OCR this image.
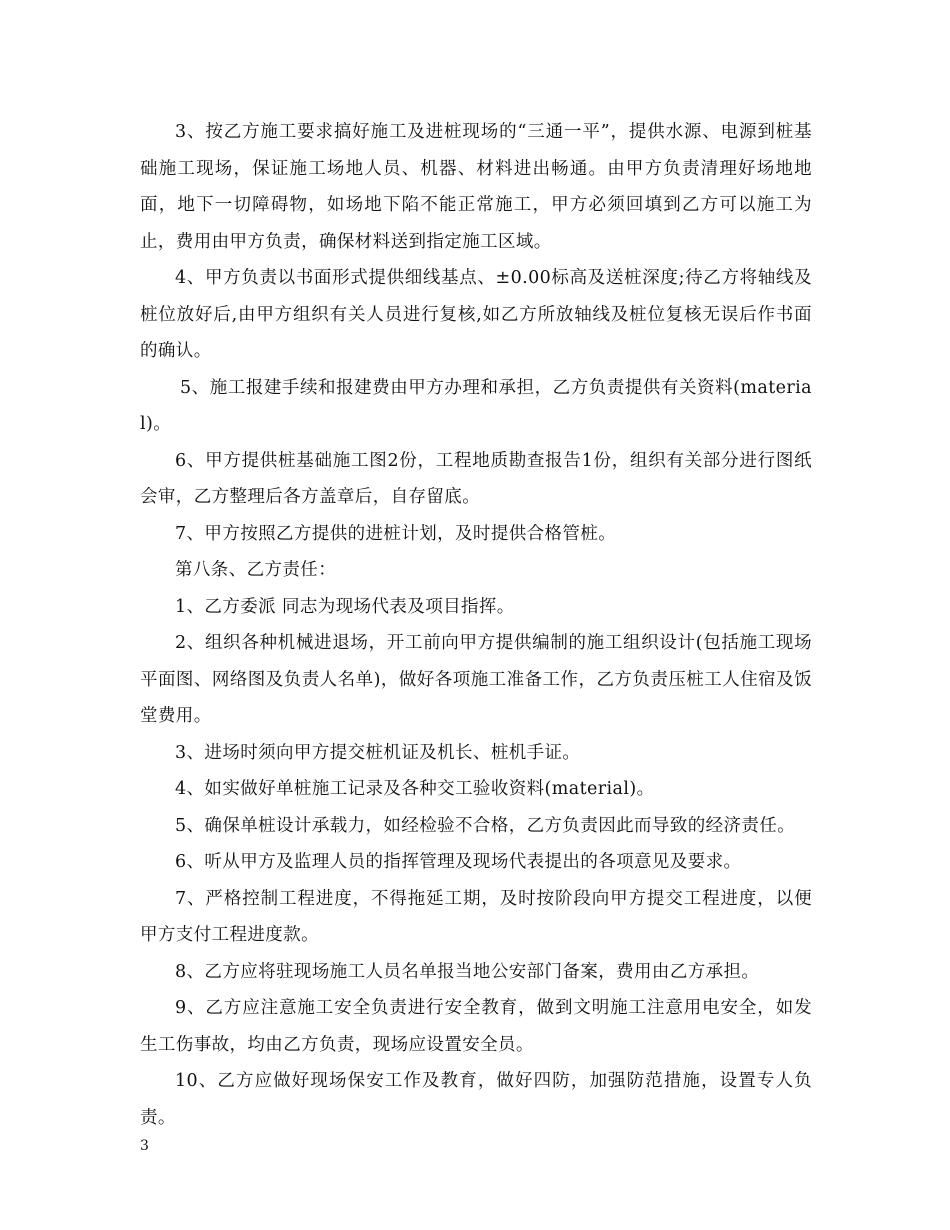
3、按乙方施工要求搞好施工及进桩现场的“三通一平”，提供水源、电源到桩基础施工现场，保证施工场地人员、机器、材料进出畅通。由甲方负责清理好场地地面，地下一切障碍物，如场地下陷不能正常施工，甲方必须回填到乙方可以施工为止，费用由甲方负责，确保材料送到指定施工区域。

4、甲方负责以书面形式提供细线基点、±0.00标高及送桩深度;待乙方将轴线及桩位放好后,由甲方组织有关人员进行复核,如乙方所放轴线及桩位复核无误后作书面的确认。

5、施工报建手续和报建费由甲方办理和承担，乙方负责提供有关资料(material)。

6、甲方提供桩基础施工图2份，工程地质勘查报告1份，组织有关部分进行图纸会审，乙方整理后各方盖章后，自存留底。

7、甲方按照乙方提供的进桩计划，及时提供合格管桩。

第八条、乙方责任：

1、乙方委派 同志为现场代表及项目指挥。

2、组织各种机械进退场，开工前向甲方提供编制的施工组织设计(包括施工现场平面图、网络图及负责人名单)，做好各项施工准备工作，乙方负责压桩工人住宿及饭堂费用。

3、进场时须向甲方提交桩机证及机长、桩机手证。

4、如实做好单桩施工记录及各种交工验收资料(material)。

5、确保单桩设计承载力，如经检验不合格，乙方负责因此而导致的经济责任。

6、听从甲方及监理人员的指挥管理及现场代表提出的各项意见及要求。

7、严格控制工程进度，不得拖延工期，及时按阶段向甲方提交工程进度，以便甲方支付工程进度款。

8、乙方应将驻现场施工人员名单报当地公安部门备案，费用由乙方承担。

9、乙方应注意施工安全负责进行安全教育，做到文明施工注意用电安全，如发生工伤事故，均由乙方负责，现场应设置安全员。

10、乙方应做好现场保安工作及教育，做好四防，加强防范措施，设置专人负责。

3
